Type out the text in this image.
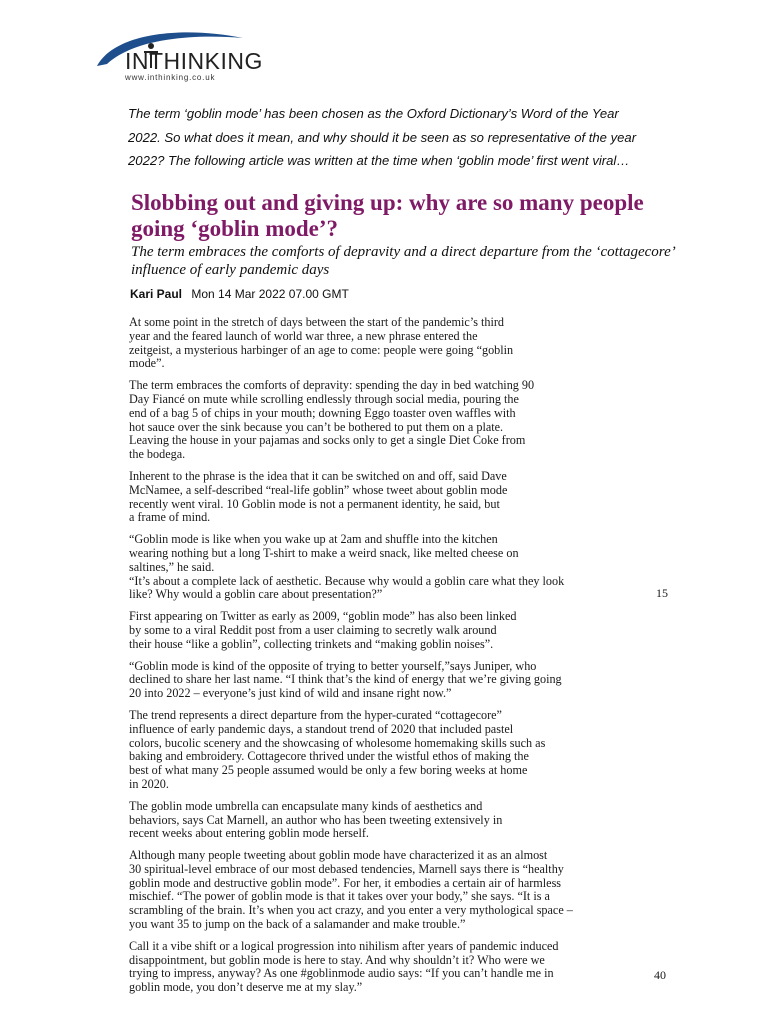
INTHINKING
www.inthinking.co.uk
The term ‘goblin mode’ has been chosen as the Oxford Dictionary’s Word of the Year 2022. So what does it mean, and why should it be seen as so representative of the year 2022? The following article was written at the time when ‘goblin mode’ first went viral…
Slobbing out and giving up: why are so many people going ‘goblin mode’?
The term embraces the comforts of depravity and a direct departure from the ‘cottagecore’ influence of early pandemic days
Kari Paul Mon 14 Mar 2022 07.00 GMT

At some point in the stretch of days between the start of the pandemic’s third
year and the feared launch of world war three, a new phrase entered the
zeitgeist, a mysterious harbinger of an age to come: people were going “goblin
mode”.

The term embraces the comforts of depravity: spending the day in bed watching 90
Day Fiancé on mute while scrolling endlessly through social media, pouring the
end of a bag 5 of chips in your mouth; downing Eggo toaster oven waffles with
hot sauce over the sink because you can’t be bothered to put them on a plate.
Leaving the house in your pajamas and socks only to get a single Diet Coke from
the bodega.

Inherent to the phrase is the idea that it can be switched on and off, said Dave
McNamee, a self-described “real-life goblin” whose tweet about goblin mode
recently went viral. 10 Goblin mode is not a permanent identity, he said, but
a frame of mind.

“Goblin mode is like when you wake up at 2am and shuffle into the kitchen
wearing nothing but a long T-shirt to make a weird snack, like melted cheese on
saltines,” he said.
“It’s about a complete lack of aesthetic. Because why would a goblin care what they look
like? Why would a goblin care about presentation?”

First appearing on Twitter as early as 2009, “goblin mode” has also been linked
by some to a viral Reddit post from a user claiming to secretly walk around
their house “like a goblin”, collecting trinkets and “making goblin noises”.

“Goblin mode is kind of the opposite of trying to better yourself,”says Juniper, who
declined to share her last name. “I think that’s the kind of energy that we’re giving going
20 into 2022 – everyone’s just kind of wild and insane right now.”

The trend represents a direct departure from the hyper-curated “cottagecore”
influence of early pandemic days, a standout trend of 2020 that included pastel
colors, bucolic scenery and the showcasing of wholesome homemaking skills such as
baking and embroidery. Cottagecore thrived under the wistful ethos of making the
best of what many 25 people assumed would be only a few boring weeks at home
in 2020.

The goblin mode umbrella can encapsulate many kinds of aesthetics and
behaviors, says Cat Marnell, an author who has been tweeting extensively in
recent weeks about entering goblin mode herself.

Although many people tweeting about goblin mode have characterized it as an almost
30 spiritual-level embrace of our most debased tendencies, Marnell says there is “healthy
goblin mode and destructive goblin mode”. For her, it embodies a certain air of harmless
mischief. “The power of goblin mode is that it takes over your body,” she says. “It is a
scrambling of the brain. It’s when you act crazy, and you enter a very mythological space –
you want 35 to jump on the back of a salamander and make trouble.”

Call it a vibe shift or a logical progression into nihilism after years of pandemic induced
disappointment, but goblin mode is here to stay. And why shouldn’t it? Who were we
trying to impress, anyway? As one #goblinmode audio says: “If you can’t handle me in
goblin mode, you don’t deserve me at my slay.”

15
40
